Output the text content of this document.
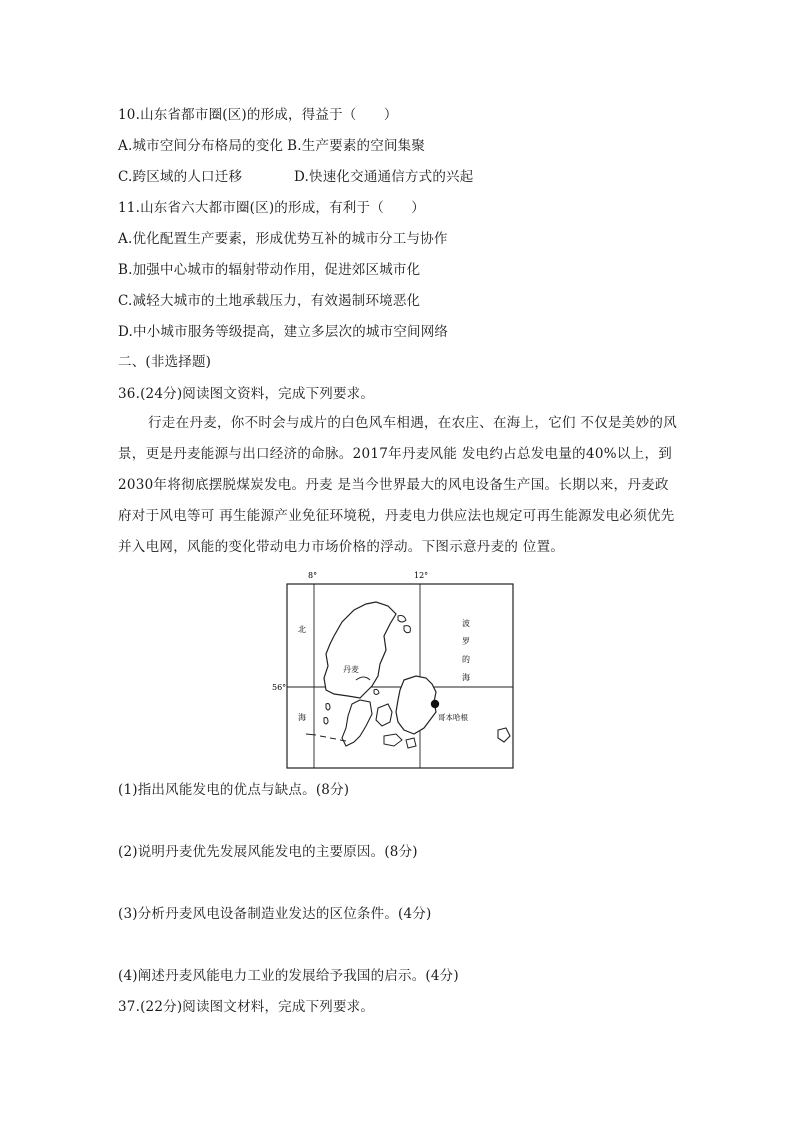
10.山东省都市圈(区)的形成，得益于（　　）
A.城市空间分布格局的变化 B.生产要素的空间集聚
C.跨区域的人口迁移	D.快速化交通通信方式的兴起
11.山东省六大都市圈(区)的形成，有利于（　　）
A.优化配置生产要素，形成优势互补的城市分工与协作
B.加强中心城市的辐射带动作用，促进郊区城市化
C.减轻大城市的土地承载压力，有效遏制环境恶化
D.中小城市服务等级提高，建立多层次的城市空间网络
二、(非选择题)
36.(24分)阅读图文资料，完成下列要求。
行走在丹麦，你不时会与成片的白色风车相遇，在农庄、在海上，它们 不仅是美妙的风景，更是丹麦能源与出口经济的命脉。2017年丹麦风能 发电约占总发电量的40%以上，到 2030年将彻底摆脱煤炭发电。丹麦 是当今世界最大的风电设备生产国。长期以来，丹麦政府对于风电等可 再生能源产业免征环境税，丹麦电力供应法也规定可再生能源发电必须优先并入电网，风能的变化带动电力市场价格的浮动。下图示意丹麦的 位置。
8°	12°
56°
北
海
丹麦
波
罗
的
海
哥本哈根
(1)指出风能发电的优点与缺点。(8分)
(2)说明丹麦优先发展风能发电的主要原因。(8分)
(3)分析丹麦风电设备制造业发达的区位条件。(4分)
(4)阐述丹麦风能电力工业的发展给予我国的启示。(4分)
37.(22分)阅读图文材料，完成下列要求。
